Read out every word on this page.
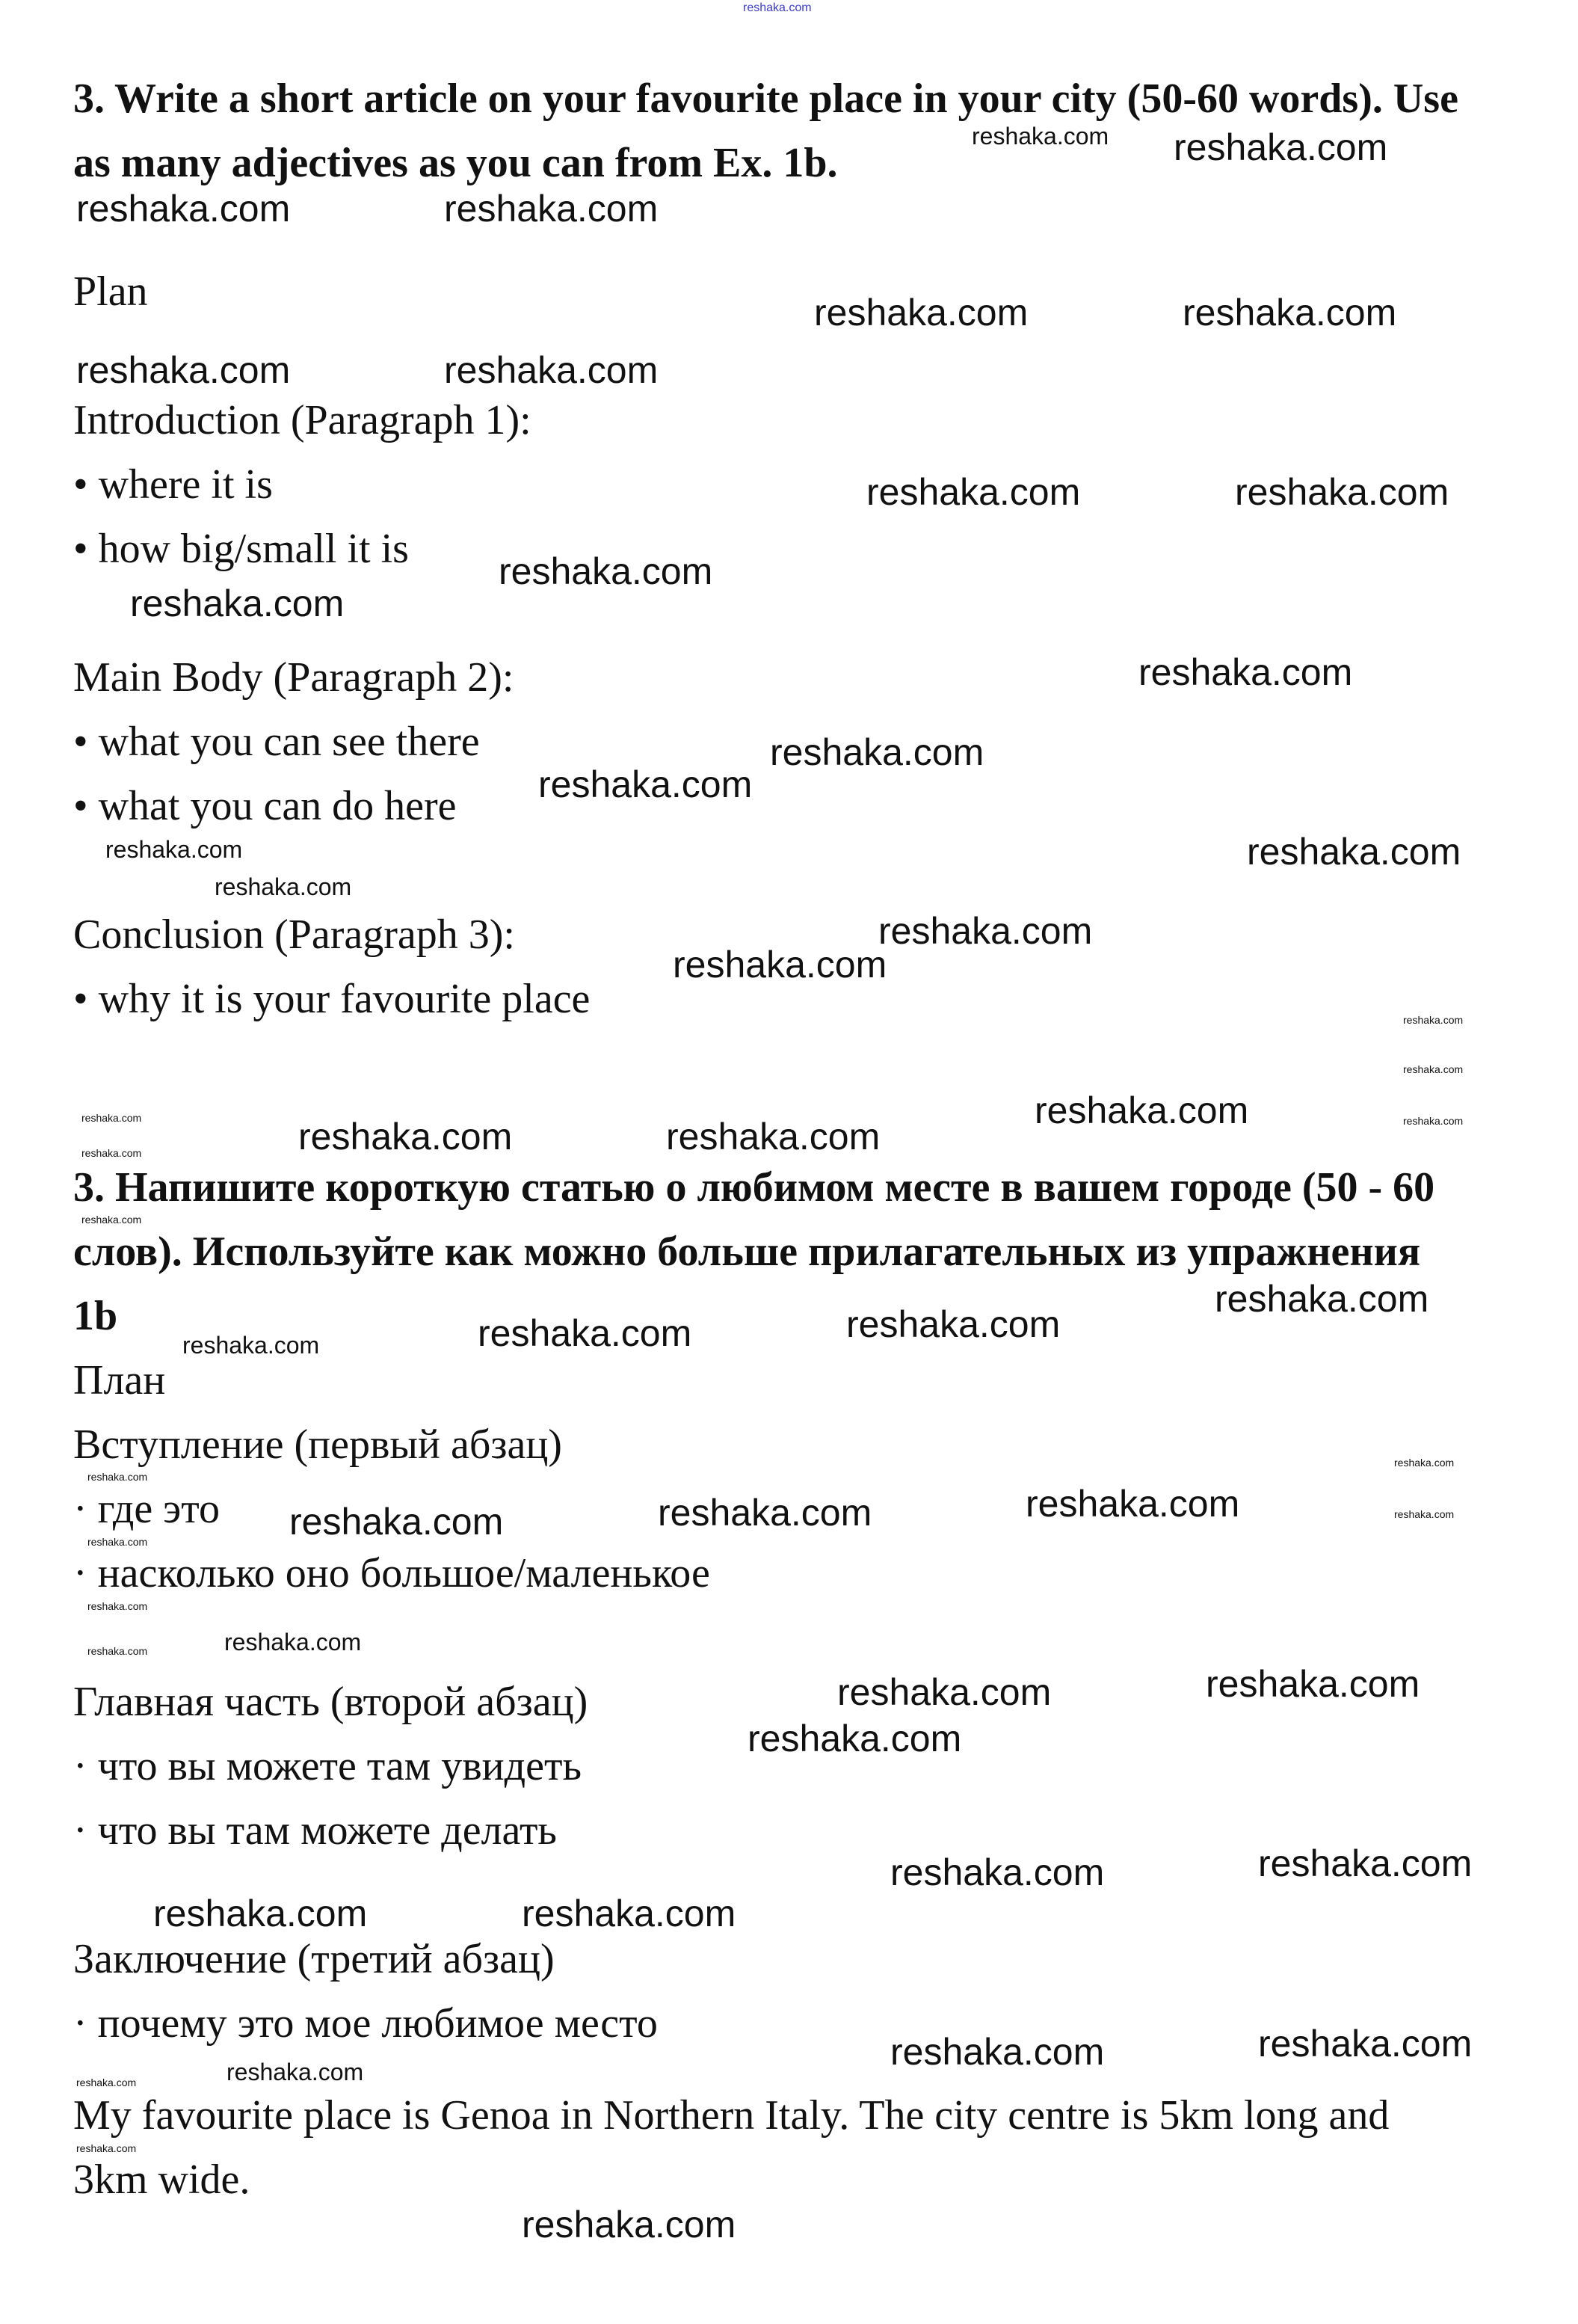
reshaka.com
3. Write a short article on your favourite place in your city (50-60 words). Use
as many adjectives as you can from Ex. 1b.
Plan
Introduction (Paragraph 1):
• where it is
• how big/small it is
Main Body (Paragraph 2):
• what you can see there
• what you can do here
Conclusion (Paragraph 3):
• why it is your favourite place
3. Напишите короткую статью о любимом месте в вашем городе (50 - 60
слов). Используйте как можно больше прилагательных из упражнения
1b
План
Вступление (первый абзац)
· где это
· насколько оно большое/маленькое
Главная часть (второй абзац)
· что вы можете там увидеть
· что вы там можете делать
Заключение (третий абзац)
· почему это мое любимое место
My favourite place is Genoa in Northern Italy. The city centre is 5km long and
3km wide.
reshaka.com
reshaka.com	reshaka.com
reshaka.com	reshaka.com
reshaka.com	reshaka.com
reshaka.com	reshaka.com
reshaka.com
reshaka.com
reshaka.com
reshaka.com
reshaka.com
reshaka.com
reshaka.com
reshaka.com
reshaka.com
reshaka.com	reshaka.com
reshaka.com
reshaka.com	reshaka.com
reshaka.com	reshaka.com	reshaka.com
reshaka.com	reshaka.com
reshaka.com
reshaka.com	reshaka.com
reshaka.com	reshaka.com
reshaka.com	reshaka.com
reshaka.com
reshaka.com
reshaka.com
reshaka.com
reshaka.com
reshaka.com
reshaka.com
reshaka.com
reshaka.com
reshaka.com
reshaka.com
reshaka.com
reshaka.com
reshaka.com
reshaka.com
reshaka.com
reshaka.com
reshaka.com
reshaka.com
reshaka.com
reshaka.com
